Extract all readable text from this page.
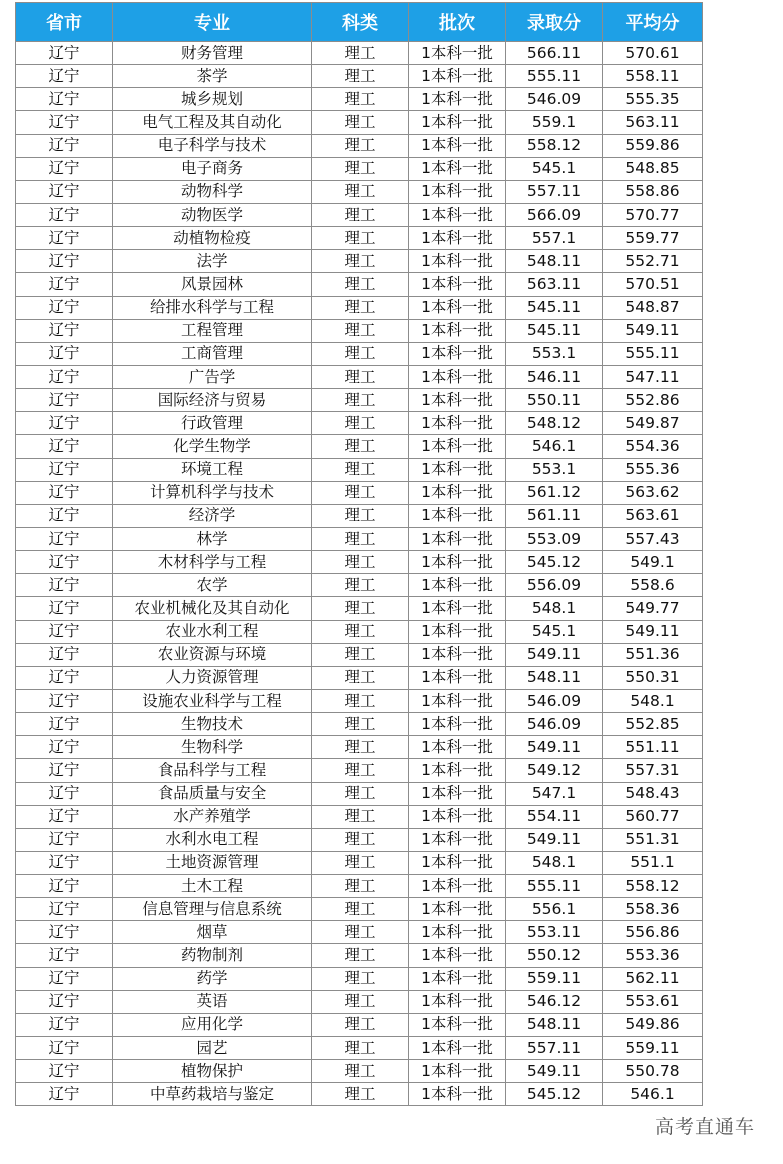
省市	专业	科类	批次	录取分	平均分
辽宁	财务管理	理工	1本科一批	566.11	570.61
辽宁	茶学	理工	1本科一批	555.11	558.11
辽宁	城乡规划	理工	1本科一批	546.09	555.35
辽宁	电气工程及其自动化	理工	1本科一批	559.1	563.11
辽宁	电子科学与技术	理工	1本科一批	558.12	559.86
辽宁	电子商务	理工	1本科一批	545.1	548.85
辽宁	动物科学	理工	1本科一批	557.11	558.86
辽宁	动物医学	理工	1本科一批	566.09	570.77
辽宁	动植物检疫	理工	1本科一批	557.1	559.77
辽宁	法学	理工	1本科一批	548.11	552.71
辽宁	风景园林	理工	1本科一批	563.11	570.51
辽宁	给排水科学与工程	理工	1本科一批	545.11	548.87
辽宁	工程管理	理工	1本科一批	545.11	549.11
辽宁	工商管理	理工	1本科一批	553.1	555.11
辽宁	广告学	理工	1本科一批	546.11	547.11
辽宁	国际经济与贸易	理工	1本科一批	550.11	552.86
辽宁	行政管理	理工	1本科一批	548.12	549.87
辽宁	化学生物学	理工	1本科一批	546.1	554.36
辽宁	环境工程	理工	1本科一批	553.1	555.36
辽宁	计算机科学与技术	理工	1本科一批	561.12	563.62
辽宁	经济学	理工	1本科一批	561.11	563.61
辽宁	林学	理工	1本科一批	553.09	557.43
辽宁	木材科学与工程	理工	1本科一批	545.12	549.1
辽宁	农学	理工	1本科一批	556.09	558.6
辽宁	农业机械化及其自动化	理工	1本科一批	548.1	549.77
辽宁	农业水利工程	理工	1本科一批	545.1	549.11
辽宁	农业资源与环境	理工	1本科一批	549.11	551.36
辽宁	人力资源管理	理工	1本科一批	548.11	550.31
辽宁	设施农业科学与工程	理工	1本科一批	546.09	548.1
辽宁	生物技术	理工	1本科一批	546.09	552.85
辽宁	生物科学	理工	1本科一批	549.11	551.11
辽宁	食品科学与工程	理工	1本科一批	549.12	557.31
辽宁	食品质量与安全	理工	1本科一批	547.1	548.43
辽宁	水产养殖学	理工	1本科一批	554.11	560.77
辽宁	水利水电工程	理工	1本科一批	549.11	551.31
辽宁	土地资源管理	理工	1本科一批	548.1	551.1
辽宁	土木工程	理工	1本科一批	555.11	558.12
辽宁	信息管理与信息系统	理工	1本科一批	556.1	558.36
辽宁	烟草	理工	1本科一批	553.11	556.86
辽宁	药物制剂	理工	1本科一批	550.12	553.36
辽宁	药学	理工	1本科一批	559.11	562.11
辽宁	英语	理工	1本科一批	546.12	553.61
辽宁	应用化学	理工	1本科一批	548.11	549.86
辽宁	园艺	理工	1本科一批	557.11	559.11
辽宁	植物保护	理工	1本科一批	549.11	550.78
辽宁	中草药栽培与鉴定	理工	1本科一批	545.12	546.1
高考直通车
